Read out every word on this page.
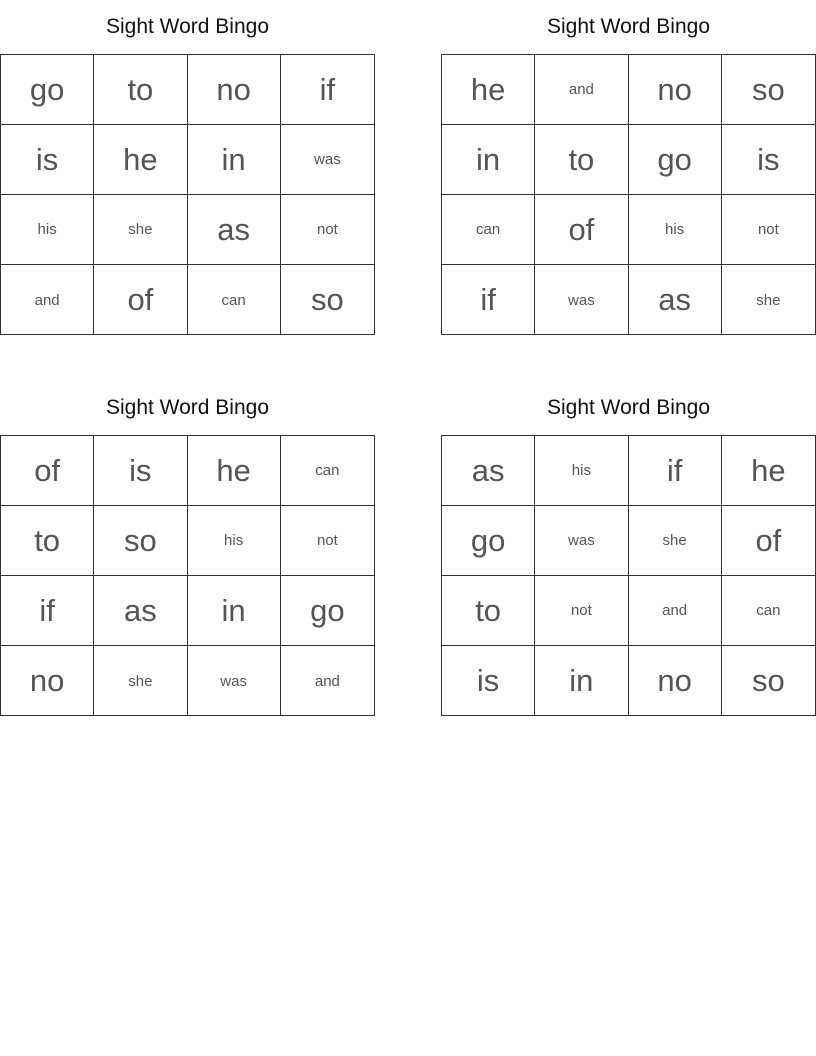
Sight Word Bingo
go	to	no	if
is	he	in	was
his	she	as	not
and	of	can	so
Sight Word Bingo
he	and	no	so
in	to	go	is
can	of	his	not
if	was	as	she
Sight Word Bingo
of	is	he	can
to	so	his	not
if	as	in	go
no	she	was	and
Sight Word Bingo
as	his	if	he
go	was	she	of
to	not	and	can
is	in	no	so
